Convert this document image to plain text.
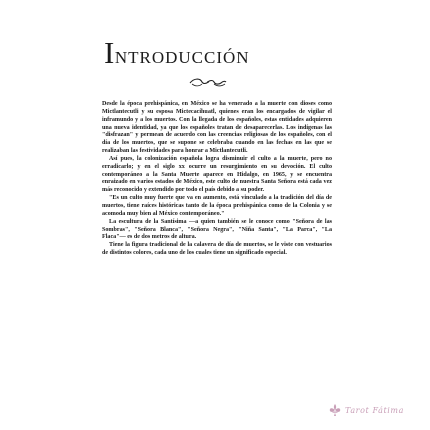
INTRODUCCIÓN

Desde la época prehispánica, en México se ha venerado a la muerte con dioses como Mictlantecutli y su esposa Mictecacíhuatl, quienes eran los encargados de vigilar el inframundo y a los muertos. Con la llegada de los españoles, estas entidades adquieren una nueva identidad, ya que los españoles tratan de desaparecerlas. Los indígenas las "disfrazan" y permean de acuerdo con las creencias religiosas de los españoles, con el día de los muertos, que se supone se celebraba cuando en las fechas en las que se realizaban las festividades para honrar a Mictlantecutli.

Así pues, la colonización española logra disminuir el culto a la muerte, pero no erradicarlo; y en el siglo xx ocurre un resurgimiento en su devoción. El culto contemporáneo a la Santa Muerte aparece en Hidalgo, en 1965, y se encuentra enraizado en varios estados de México, este culto de nuestra Santa Señora está cada vez más reconocido y extendido por todo el país debido a su poder.

"Es un culto muy fuerte que va en aumento, está vinculado a la tradición del día de muertos, tiene raíces históricas tanto de la época prehispánica como de la Colonia y se acomoda muy bien al México contemporáneo."

La escultura de la Santísima —a quien también se le conoce como "Señora de las Sombras", "Señora Blanca", "Señora Negra", "Niña Santa", "La Parca", "La Flaca"— es de dos metros de altura.

Tiene la figura tradicional de la calavera de día de muertos, se le viste con vestuarios de distintos colores, cada uno de los cuales tiene un significado especial.

Tarot Fátima
